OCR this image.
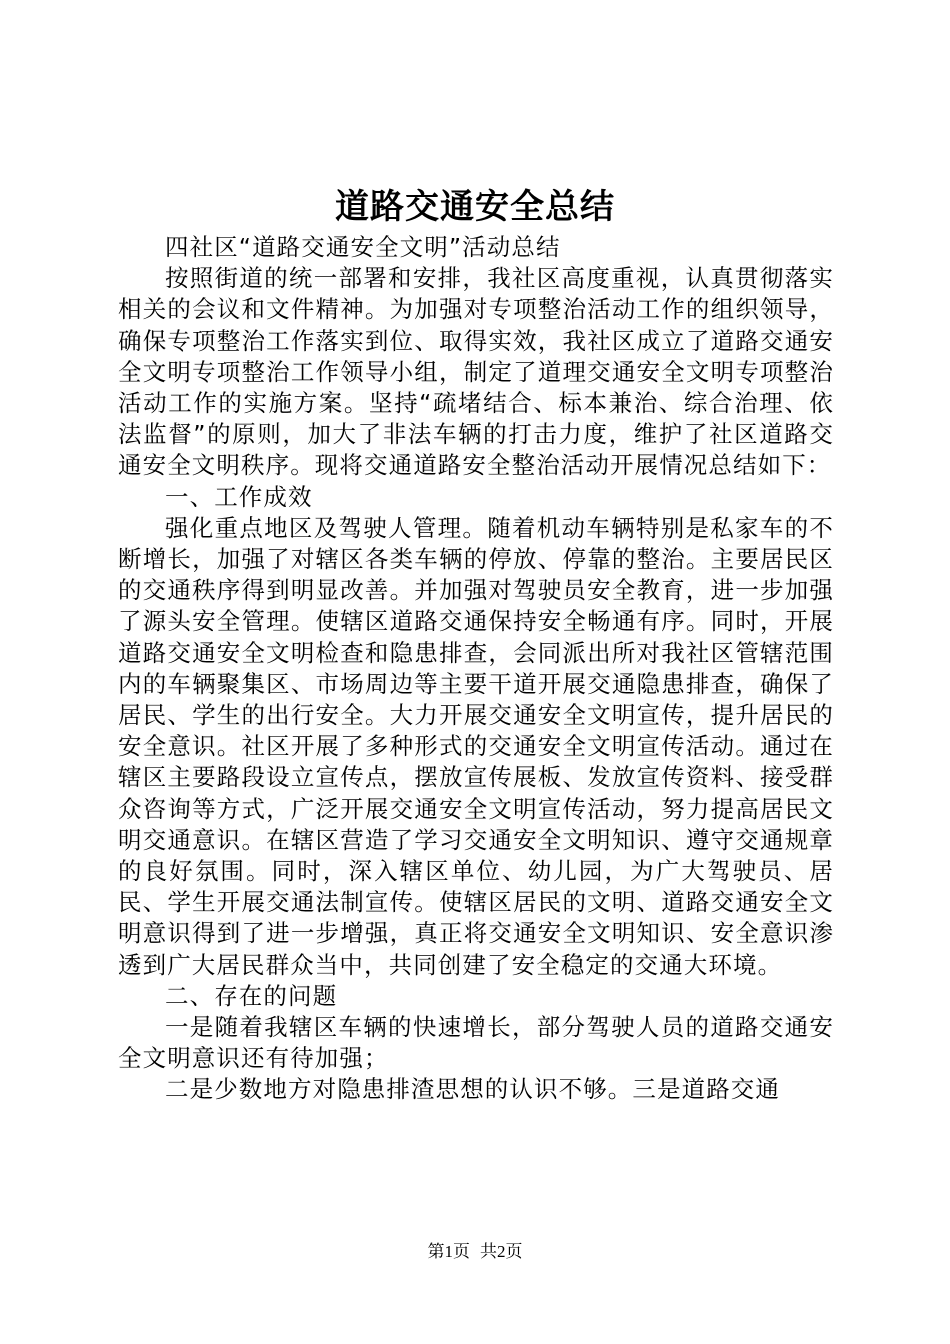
道路交通安全总结

四社区“道路交通安全文明”活动总结

按照街道的统一部署和安排，我社区高度重视，认真贯彻落实相关的会议和文件精神。为加强对专项整治活动工作的组织领导，确保专项整治工作落实到位、取得实效，我社区成立了道路交通安全文明专项整治工作领导小组，制定了道理交通安全文明专项整治活动工作的实施方案。坚持“疏堵结合、标本兼治、综合治理、依法监督”的原则，加大了非法车辆的打击力度，维护了社区道路交通安全文明秩序。现将交通道路安全整治活动开展情况总结如下：

一、工作成效

强化重点地区及驾驶人管理。随着机动车辆特别是私家车的不断增长，加强了对辖区各类车辆的停放、停靠的整治。主要居民区的交通秩序得到明显改善。并加强对驾驶员安全教育，进一步加强了源头安全管理。使辖区道路交通保持安全畅通有序。同时，开展道路交通安全文明检查和隐患排查，会同派出所对我社区管辖范围内的车辆聚集区、市场周边等主要干道开展交通隐患排查，确保了居民、学生的出行安全。大力开展交通安全文明宣传，提升居民的安全意识。社区开展了多种形式的交通安全文明宣传活动。通过在辖区主要路段设立宣传点，摆放宣传展板、发放宣传资料、接受群众咨询等方式，广泛开展交通安全文明宣传活动，努力提高居民文明交通意识。在辖区营造了学习交通安全文明知识、遵守交通规章的良好氛围。同时，深入辖区单位、幼儿园，为广大驾驶员、居民、学生开展交通法制宣传。使辖区居民的文明、道路交通安全文明意识得到了进一步增强，真正将交通安全文明知识、安全意识渗透到广大居民群众当中，共同创建了安全稳定的交通大环境。

二、存在的问题

一是随着我辖区车辆的快速增长，部分驾驶人员的道路交通安全文明意识还有待加强；

二是少数地方对隐患排渣思想的认识不够。三是道路交通

第1页 共2页
